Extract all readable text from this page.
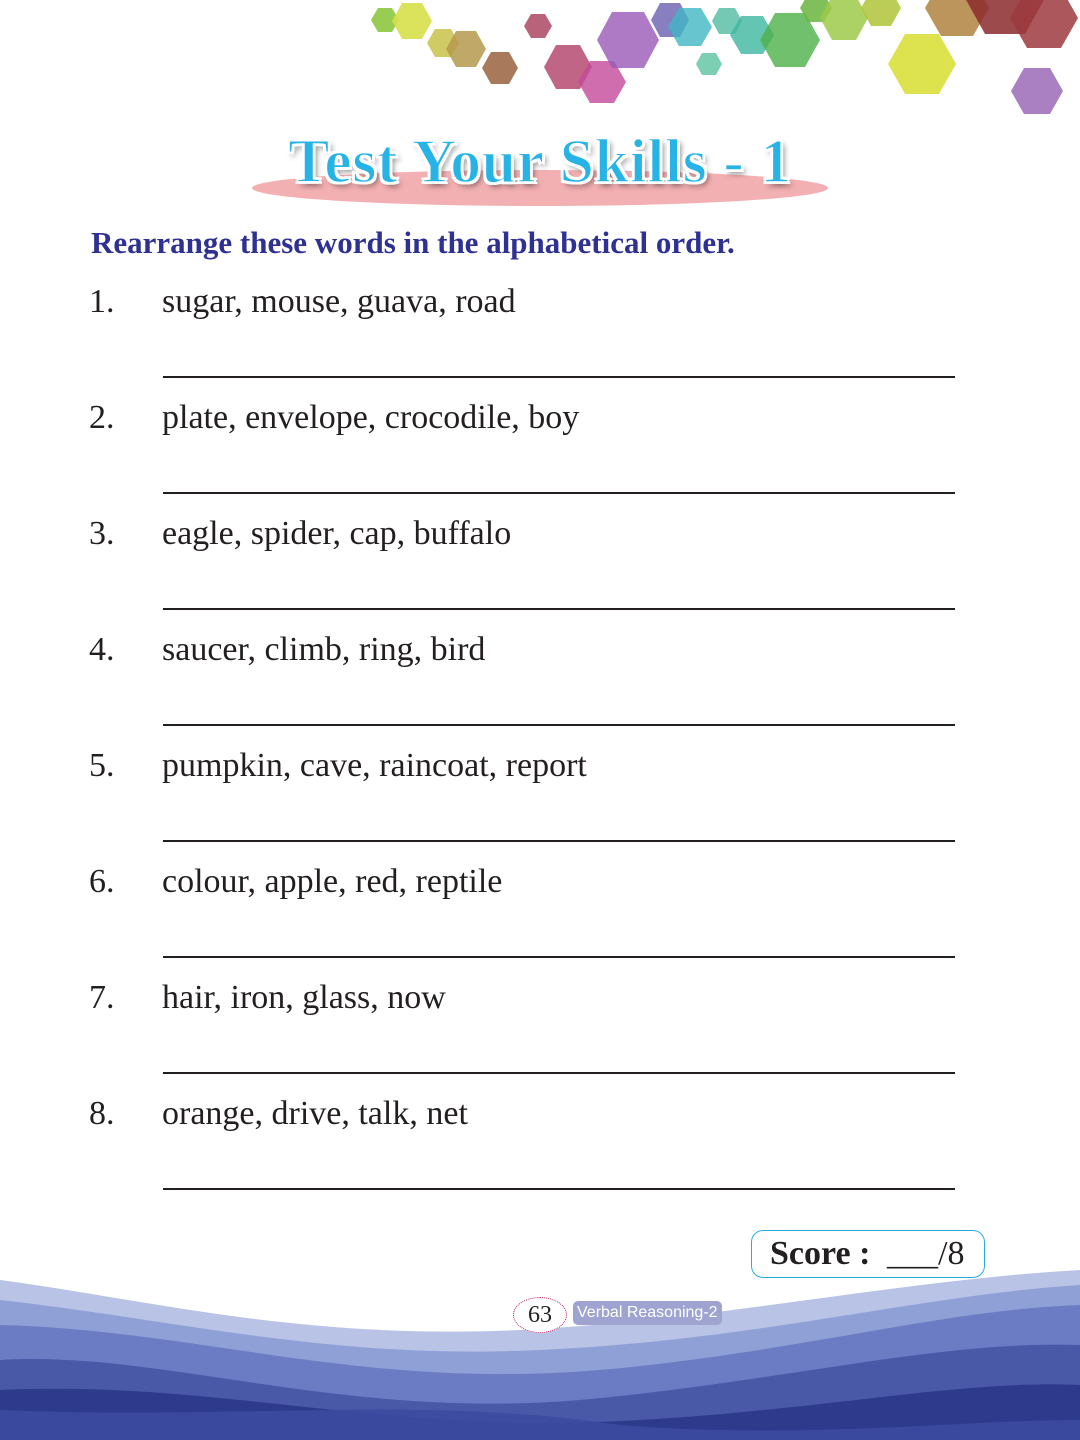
Test Your Skills - 1
Rearrange these words in the alphabetical order.
1. sugar, mouse, guava, road
2. plate, envelope, crocodile, boy
3. eagle, spider, cap, buffalo
4. saucer, climb, ring, bird
5. pumpkin, cave, raincoat, report
6. colour, apple, red, reptile
7. hair, iron, glass, now
8. orange, drive, talk, net
Score : ___/8
63	Verbal Reasoning-2
